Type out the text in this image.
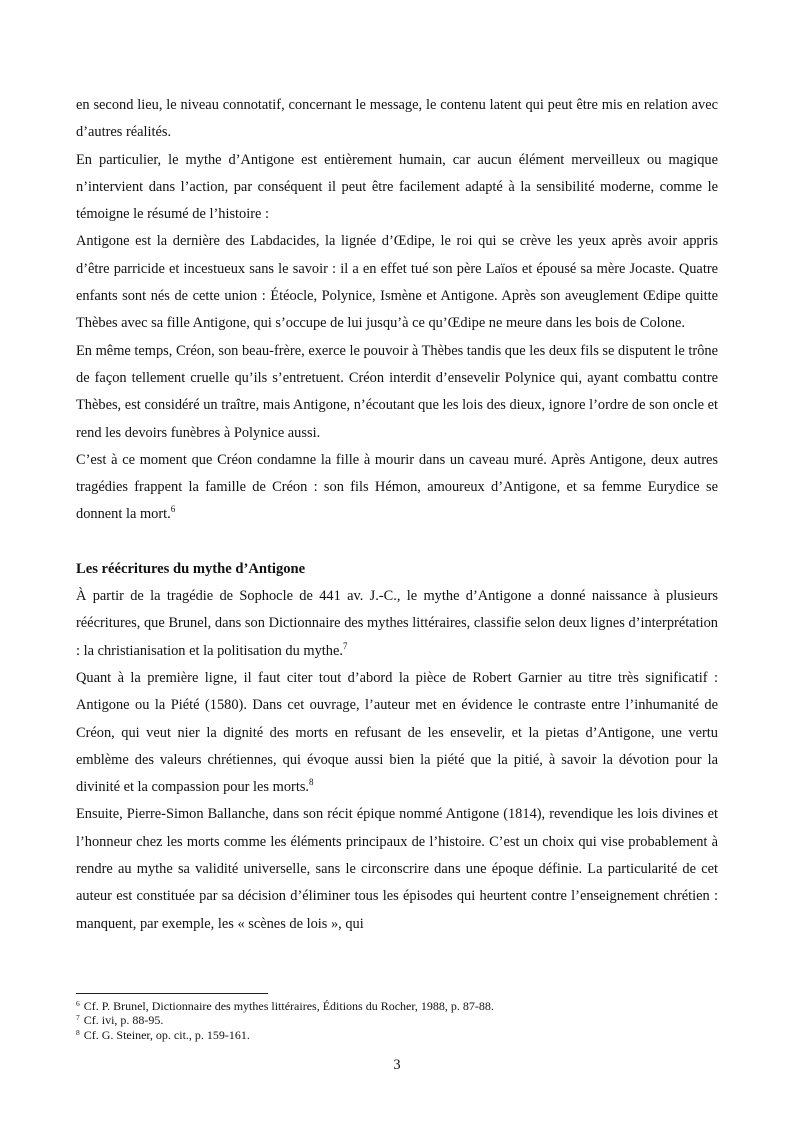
en second lieu, le niveau connotatif, concernant le message, le contenu latent qui peut être mis en relation avec d’autres réalités.

En particulier, le mythe d’Antigone est entièrement humain, car aucun élément merveilleux ou magique n’intervient dans l’action, par conséquent il peut être facilement adapté à la sensibilité moderne, comme le témoigne le résumé de l’histoire :

Antigone est la dernière des Labdacides, la lignée d’Œdipe, le roi qui se crève les yeux après avoir appris d’être parricide et incestueux sans le savoir : il a en effet tué son père Laïos et épousé sa mère Jocaste. Quatre enfants sont nés de cette union : Étéocle, Polynice, Ismène et Antigone. Après son aveuglement Œdipe quitte Thèbes avec sa fille Antigone, qui s’occupe de lui jusqu’à ce qu’Œdipe ne meure dans les bois de Colone.

En même temps, Créon, son beau-frère, exerce le pouvoir à Thèbes tandis que les deux fils se disputent le trône de façon tellement cruelle qu’ils s’entretuent. Créon interdit d’ensevelir Polynice qui, ayant combattu contre Thèbes, est considéré un traître, mais Antigone, n’écoutant que les lois des dieux, ignore l’ordre de son oncle et rend les devoirs funèbres à Polynice aussi.

C’est à ce moment que Créon condamne la fille à mourir dans un caveau muré. Après Antigone, deux autres tragédies frappent la famille de Créon : son fils Hémon, amoureux d’Antigone, et sa femme Eurydice se donnent la mort.$^6$

Les réécritures du mythe d’Antigone

À partir de la tragédie de Sophocle de 441 av. J.-C., le mythe d’Antigone a donné naissance à plusieurs réécritures, que Brunel, dans son Dictionnaire des mythes littéraires, classifie selon deux lignes d’interprétation : la christianisation et la politisation du mythe.$^7$

Quant à la première ligne, il faut citer tout d’abord la pièce de Robert Garnier au titre très significatif : Antigone ou la Piété (1580). Dans cet ouvrage, l’auteur met en évidence le contraste entre l’inhumanité de Créon, qui veut nier la dignité des morts en refusant de les ensevelir, et la pietas d’Antigone, une vertu emblème des valeurs chrétiennes, qui évoque aussi bien la piété que la pitié, à savoir la dévotion pour la divinité et la compassion pour les morts.$^8$

Ensuite, Pierre-Simon Ballanche, dans son récit épique nommé Antigone (1814), revendique les lois divines et l’honneur chez les morts comme les éléments principaux de l’histoire. C’est un choix qui vise probablement à rendre au mythe sa validité universelle, sans le circonscrire dans une époque définie. La particularité de cet auteur est constituée par sa décision d’éliminer tous les épisodes qui heurtent contre l’enseignement chrétien : manquent, par exemple, les « scènes de lois », qui

$^6$ Cf. P. Brunel, Dictionnaire des mythes littéraires, Éditions du Rocher, 1988, p. 87-88.

$^7$ Cf. ivi, p. 88-95.

$^8$ Cf. G. Steiner, op. cit., p. 159-161.

3
